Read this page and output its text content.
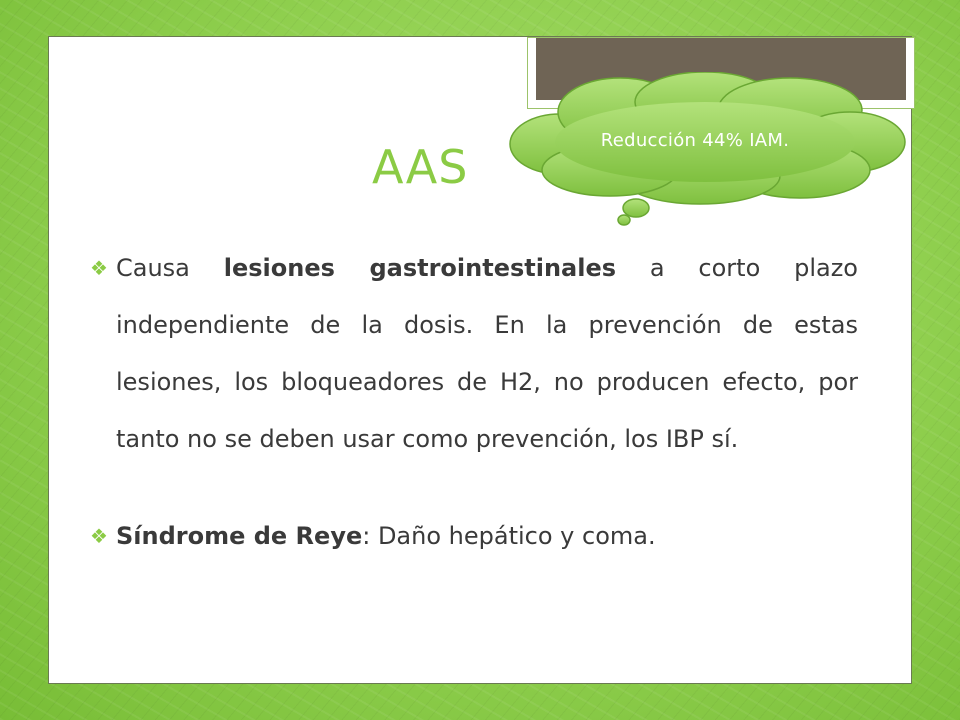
AAS	Reducción 44% IAM.
❖ Causa lesiones gastrointestinales a corto plazo independiente de la dosis. En la prevención de estas lesiones, los bloqueadores de H2, no producen efecto, por tanto no se deben usar como prevención, los IBP sí.
❖ Síndrome de Reye: Daño hepático y coma.
